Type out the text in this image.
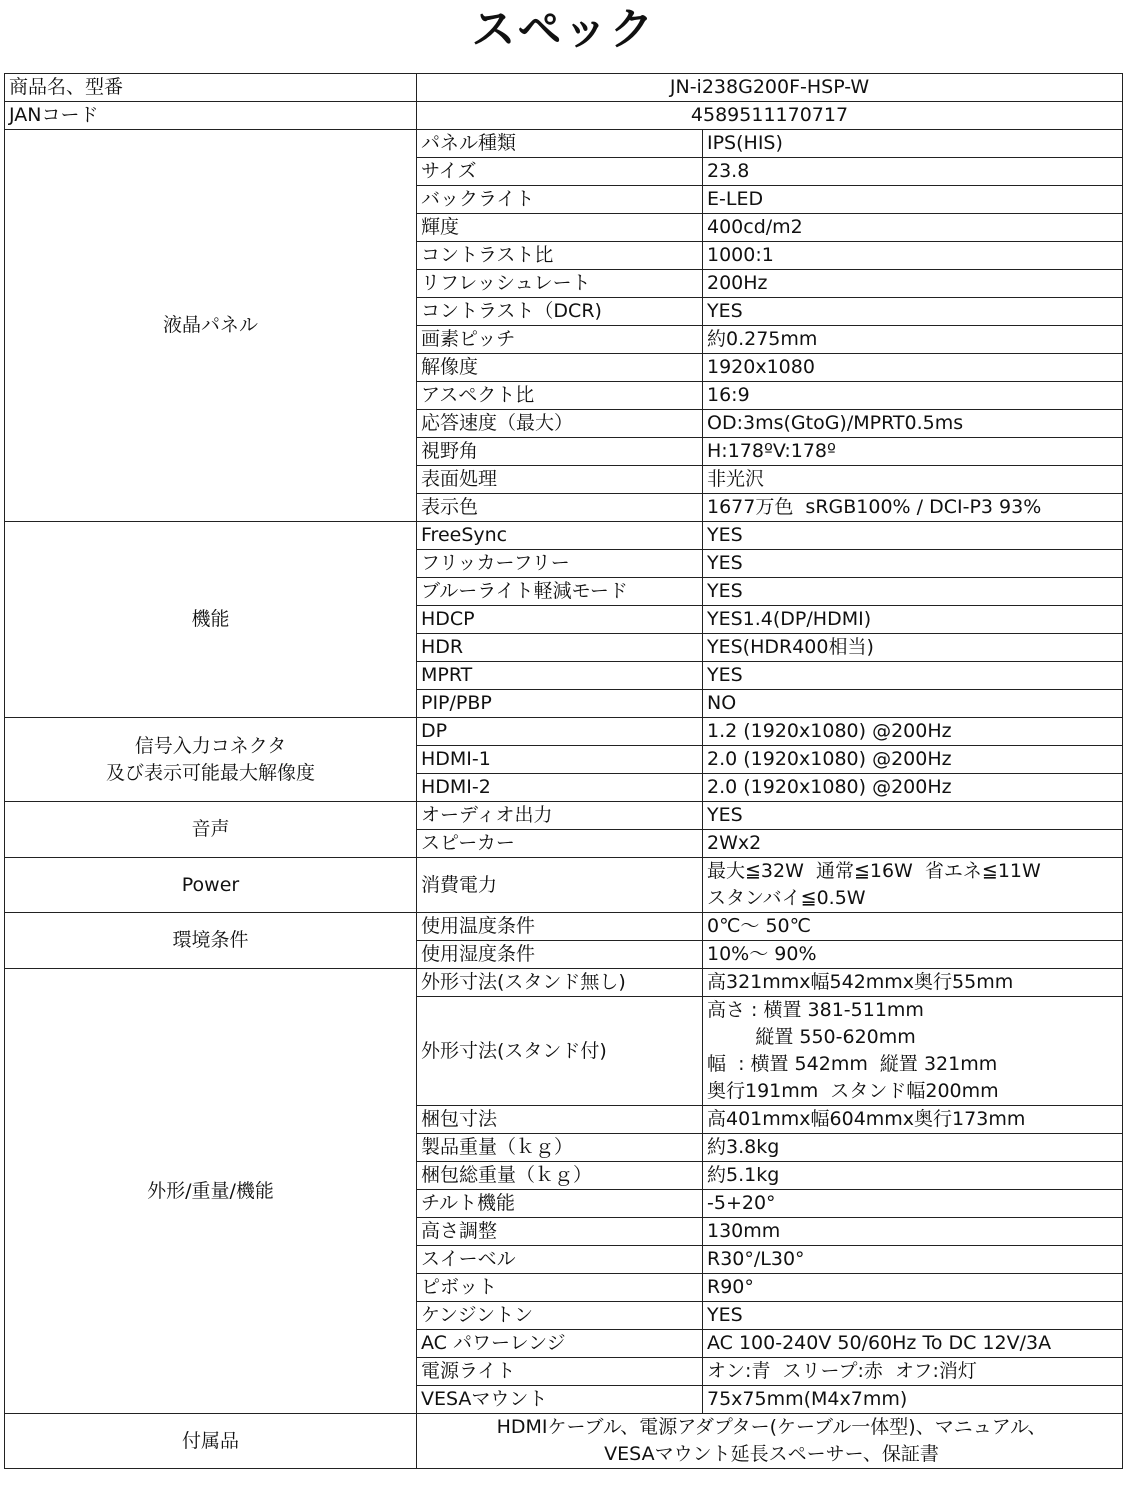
スペック
商品名、型番	JN-i238G200F-HSP-W	
JANコード	4589511170717	

液晶パネル	パネル種類	IPS(HIS)

	サイズ	23.8

	バックライト	E-LED

	輝度	400cd/m2

	コントラスト比	1000:1

	リフレッシュレート	200Hz

	コントラスト（DCR)	YES

	画素ピッチ	約0.275mm

	解像度	1920x1080

	アスペクト比	16:9

	応答速度（最大）	OD:3ms(GtoG)/MPRT0.5ms

	視野角	H:178ºV:178º

	表面処理	非光沢

	表示色	1677万色  sRGB100% / DCI-P3 93%

機能	FreeSync	YES

	フリッカーフリー	YES

	ブルーライト軽減モード	YES

	HDCP	YES1.4(DP/HDMI)

	HDR	YES(HDR400相当)

	MPRT	YES

	PIP/PBP	NO

信号入力コネクタ
及び表示可能最大解像度	DP	1.2 (1920x1080) @200Hz

	HDMI-1	2.0 (1920x1080) @200Hz

	HDMI-2	2.0 (1920x1080) @200Hz

音声	オーディオ出力	YES

	スピーカー	2Wx2

Power	消費電力	最大≦32W  通常≦16W  省エネ≦11W
スタンバイ≦0.5W

環境条件	使用温度条件	0℃～ 50℃

	使用湿度条件	10%～ 90%

外形/重量/機能	外形寸法(スタンド無し)	高321mmx幅542mmx奥行55mm

	外形寸法(スタンド付)	高さ : 横置 381-511mm
縦置 550-620mm
幅  : 横置 542mm  縦置 321mm
奥行191mm  スタンド幅200mm

	梱包寸法	高401mmx幅604mmx奥行173mm

	製品重量（ｋｇ）	約3.8kg

	梱包総重量（ｋｇ）	約5.1kg

	チルト機能	-5+20°

	高さ調整	130mm

	スイーベル	R30°/L30°

	ピボット	R90°

	ケンジントン	YES

	AC パワーレンジ	AC 100-240V 50/60Hz To DC 12V/3A

	電源ライト	オン:青  スリープ:赤  オフ:消灯

	VESAマウント	75x75mm(M4x7mm)

付属品	HDMIケーブル、電源アダプター(ケーブル一体型)、マニュアル、
VESAマウント延長スペーサー、保証書	
